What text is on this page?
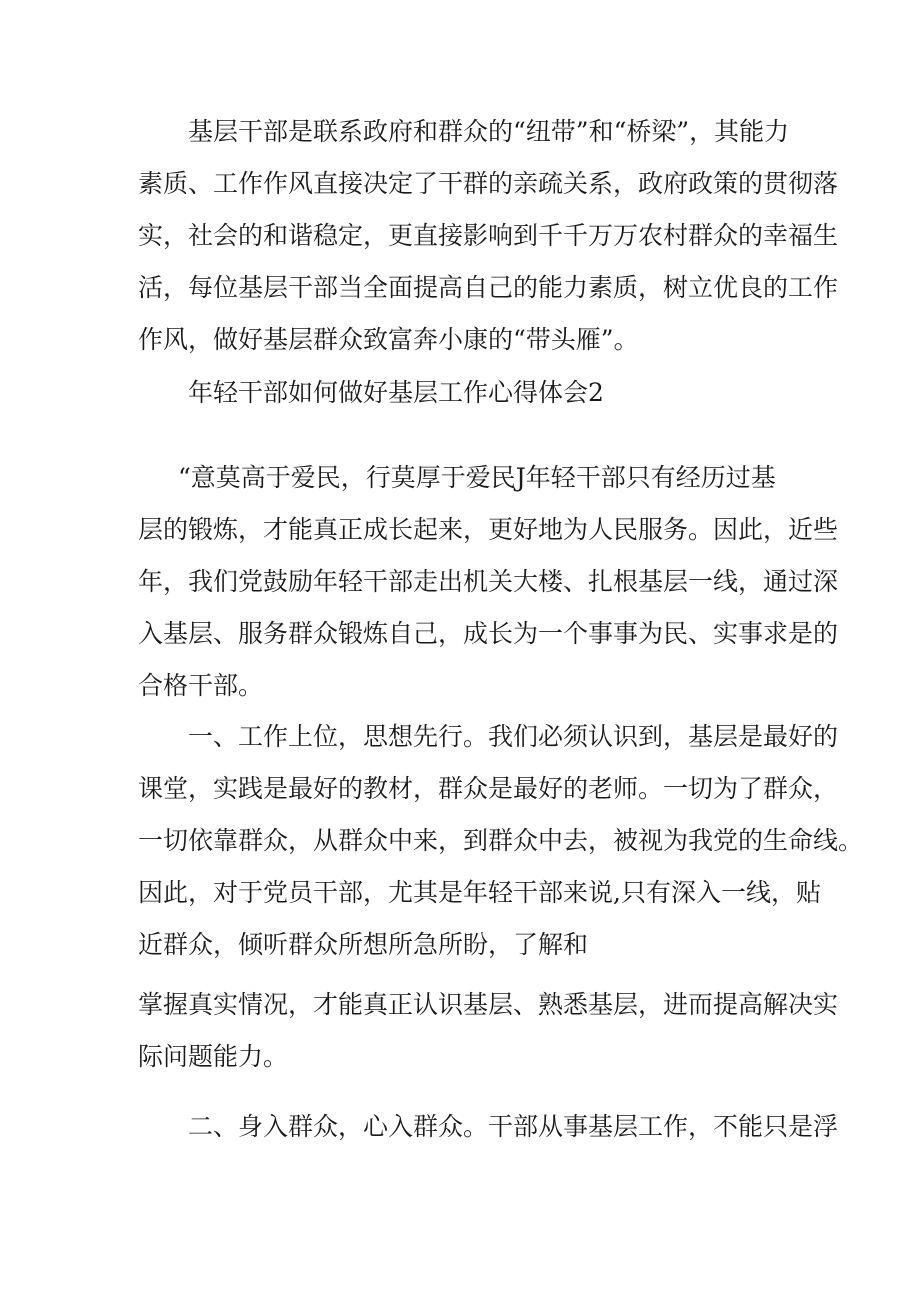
基层干部是联系政府和群众的“纽带”和“桥梁”，其能力
素质、工作作风直接决定了干群的亲疏关系，政府政策的贯彻落
实，社会的和谐稳定，更直接影响到千千万万农村群众的幸福生
活，每位基层干部当全面提高自己的能力素质，树立优良的工作
作风，做好基层群众致富奔小康的“带头雁”。
年轻干部如何做好基层工作心得体会2
“意莫高于爱民，行莫厚于爱民J年轻干部只有经历过基
层的锻炼，才能真正成长起来，更好地为人民服务。因此，近些
年，我们党鼓励年轻干部走出机关大楼、扎根基层一线，通过深
入基层、服务群众锻炼自己，成长为一个事事为民、实事求是的
合格干部。
一、工作上位，思想先行。我们必须认识到，基层是最好的
课堂，实践是最好的教材，群众是最好的老师。一切为了群众，
一切依靠群众，从群众中来，到群众中去，被视为我党的生命线。
因此，对于党员干部，尤其是年轻干部来说,只有深入一线，贴
近群众，倾听群众所想所急所盼，了解和
掌握真实情况，才能真正认识基层、熟悉基层，进而提高解决实
际问题能力。
二、身入群众，心入群众。干部从事基层工作，不能只是浮
